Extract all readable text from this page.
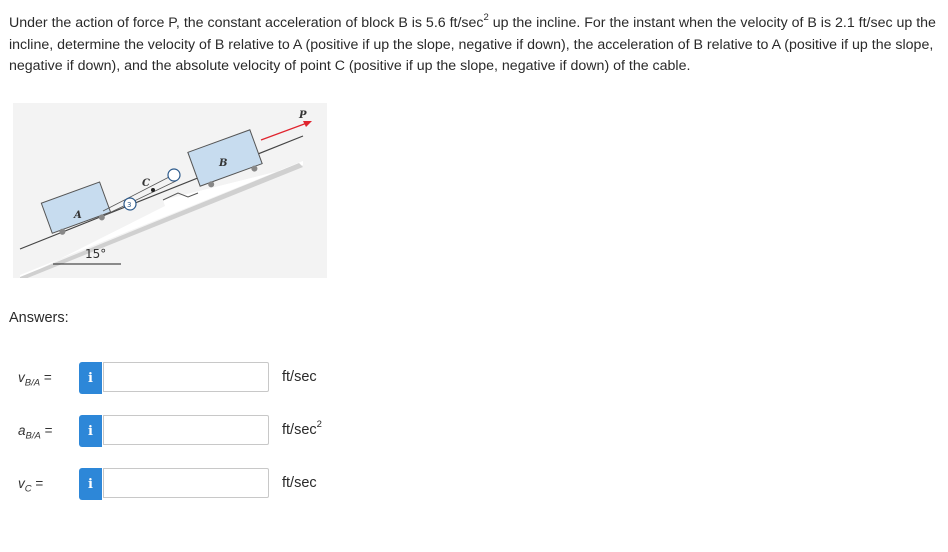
Under the action of force P, the constant acceleration of block B is 5.6 $ft/\sec^2$ up the incline. For the instant when the velocity of B is 2.1 ft/sec up the incline, determine the velocity of B relative to A (positive if up the slope, negative if down), the acceleration of B relative to A (positive if up the slope, negative if down), and the absolute velocity of point C (positive if up the slope, negative if down) of the cable.
A
B
3
C
P
15°
Answers:
$v_{B/A}$ =	i	ft/sec
$a_{B/A}$ =	i	$ft/\sec^2$
$v_C$ =	i	ft/sec
